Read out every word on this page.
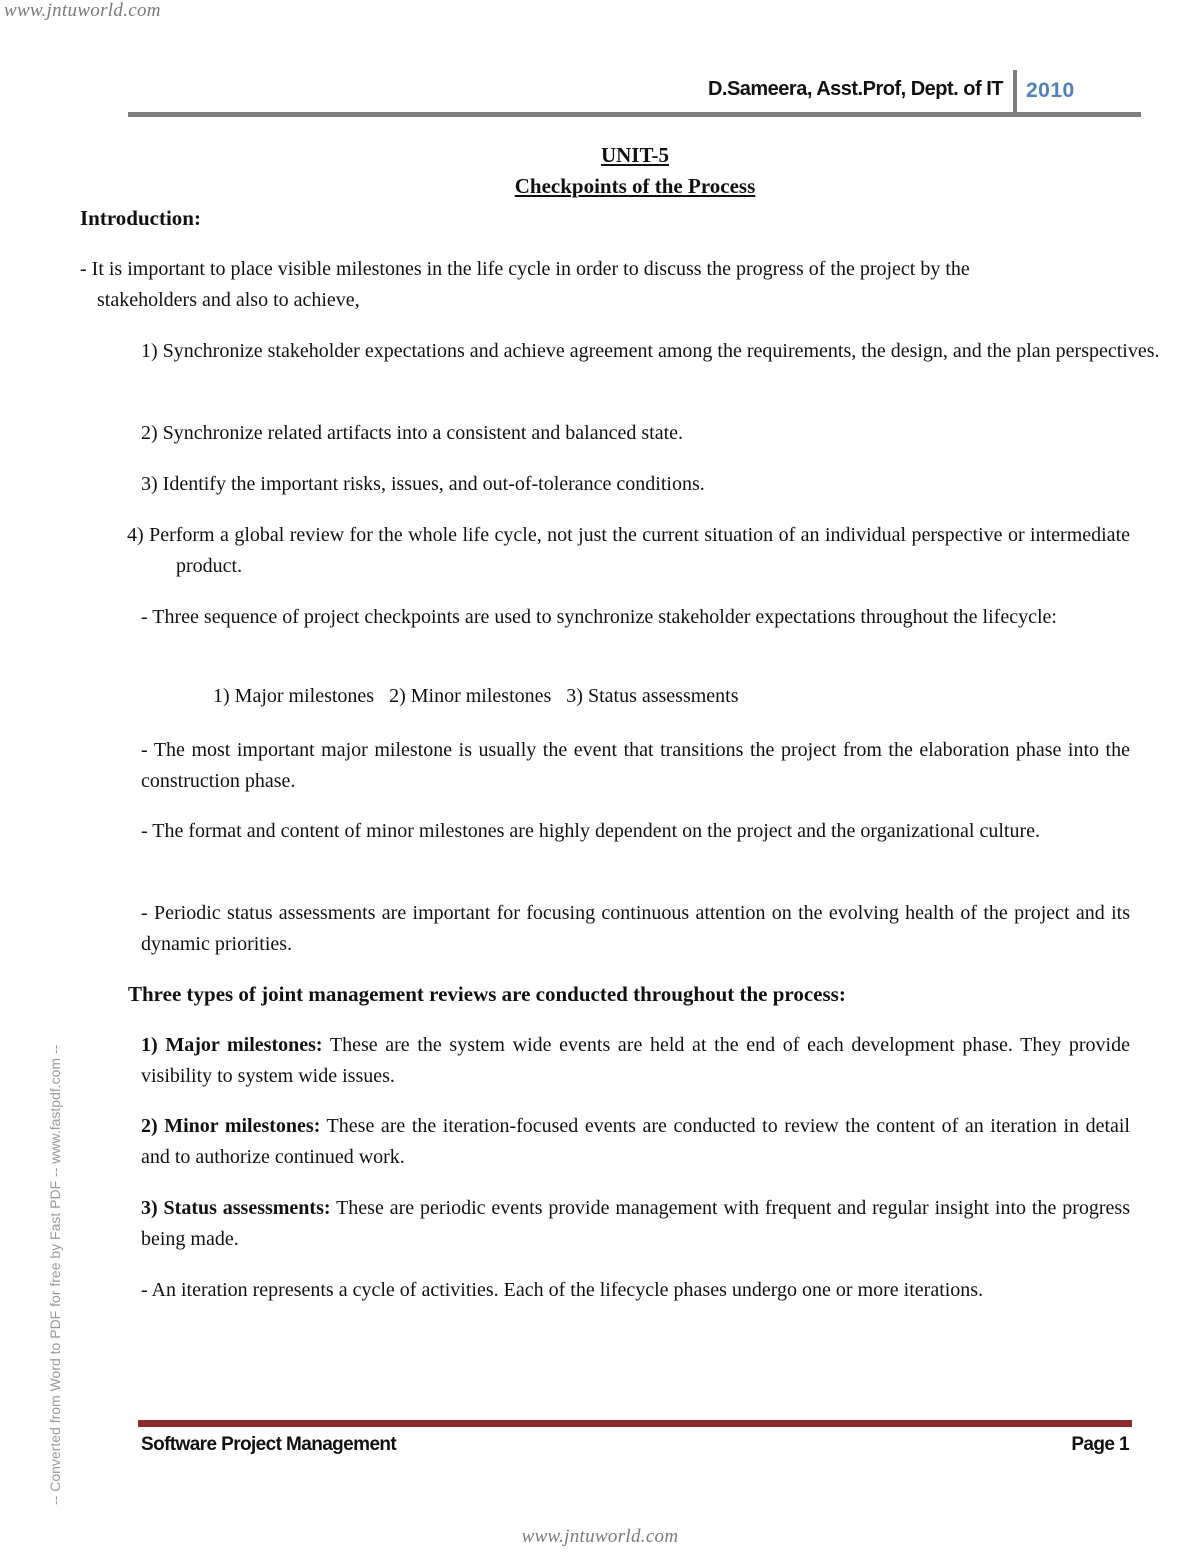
www.jntuworld.com
-- Converted from Word to PDF for free by Fast PDF -- www.fastpdf.com --
D.Sameera, Asst.Prof, Dept. of IT 2010
UNIT-5
Checkpoints of the Process
Introduction:
- It is important to place visible milestones in the life cycle in order to discuss the progress of the project by the
stakeholders and also to achieve,
1) Synchronize stakeholder expectations and achieve agreement among the requirements, the design, and the plan perspectives.
2) Synchronize related artifacts into a consistent and balanced state.
3) Identify the important risks, issues, and out-of-tolerance conditions.
4) Perform a global review for the whole life cycle, not just the current situation of an individual perspective or intermediate product.
- Three sequence of project checkpoints are used to synchronize stakeholder expectations throughout the lifecycle:
1) Major milestones   2) Minor milestones   3) Status assessments
- The most important major milestone is usually the event that transitions the project from the elaboration phase into the construction phase.
- The format and content of minor milestones are highly dependent on the project and the organizational culture.
- Periodic status assessments are important for focusing continuous attention on the evolving health of the project and its dynamic priorities.
Three types of joint management reviews are conducted throughout the process:
1) Major milestones: These are the system wide events are held at the end of each development phase. They provide visibility to system wide issues.
2) Minor milestones: These are the iteration-focused events are conducted to review the content of an iteration in detail and to authorize continued work.
3) Status assessments: These are periodic events provide management with frequent and regular insight into the progress being made.
- An iteration represents a cycle of activities. Each of the lifecycle phases undergo one or more iterations.
Software Project Management	Page 1
www.jntuworld.com
